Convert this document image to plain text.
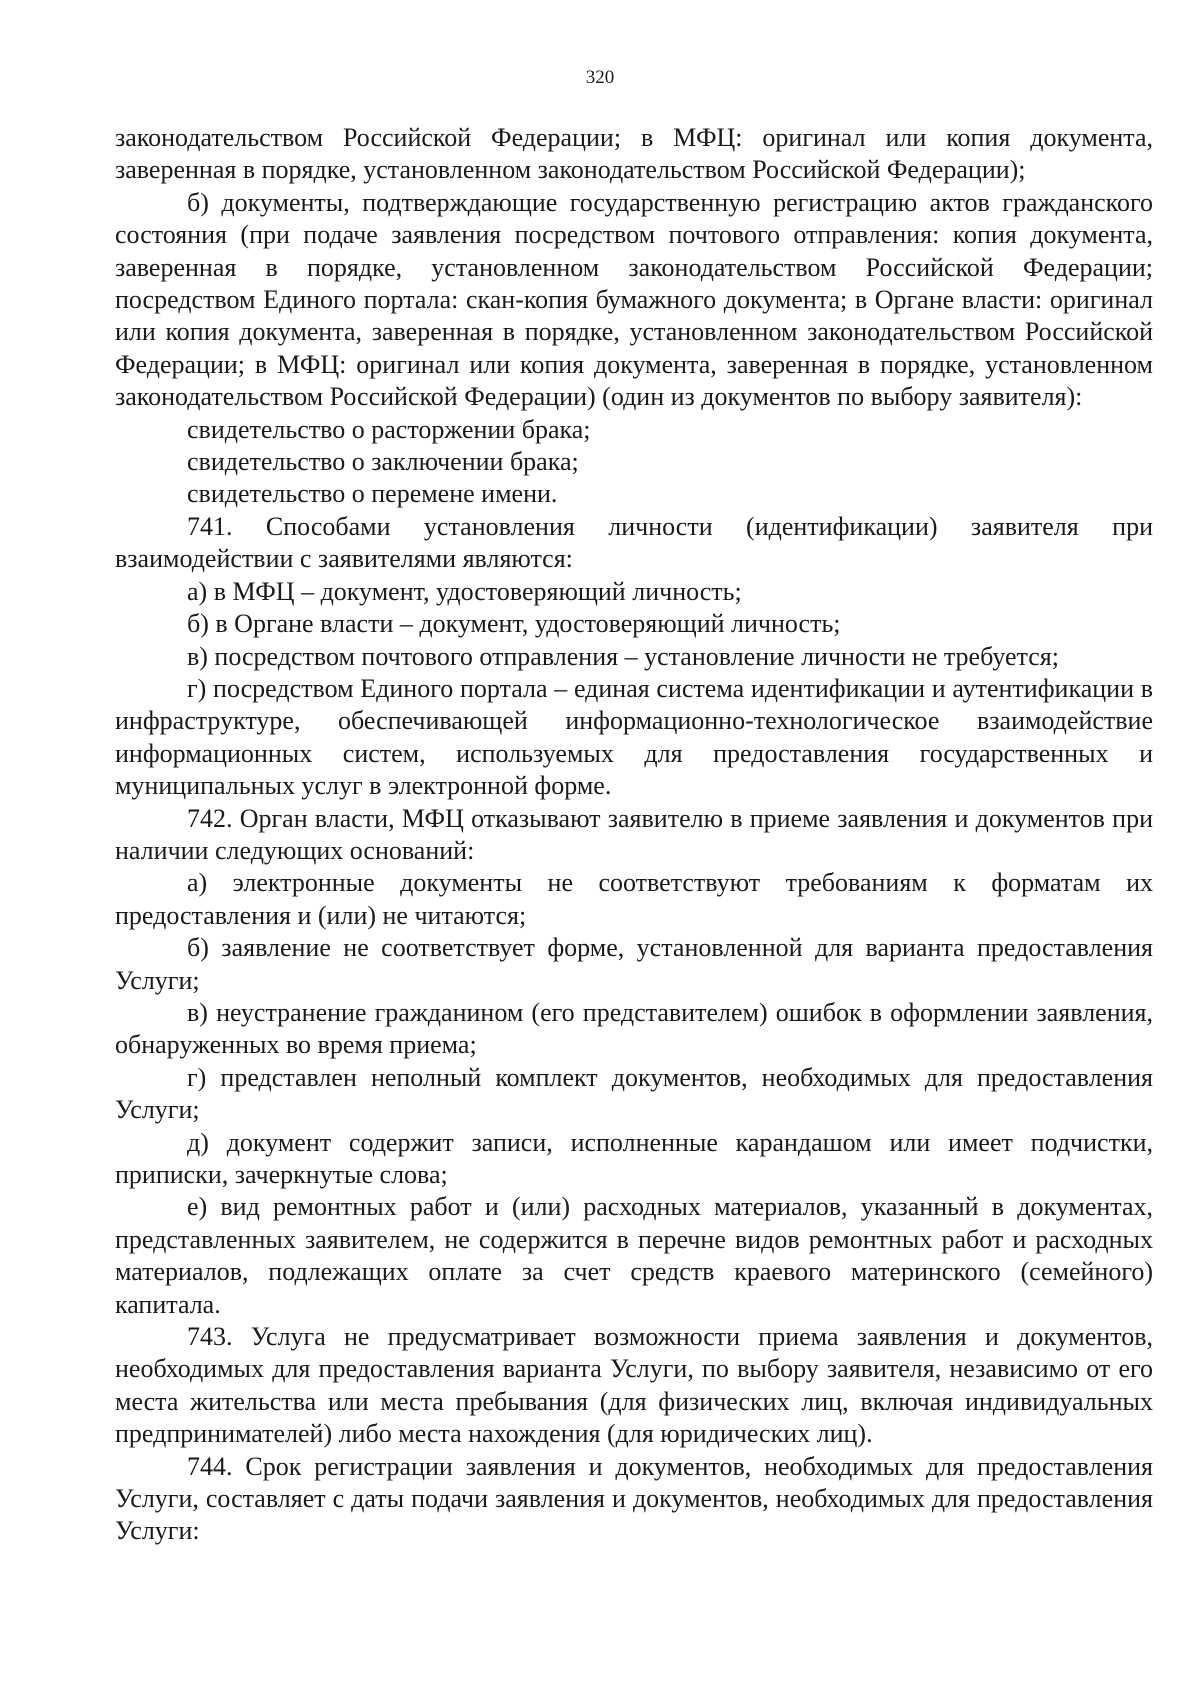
320

законодательством Российской Федерации; в МФЦ: оригинал или копия документа, заверенная в порядке, установленном законодательством Российской Федерации);

б) документы, подтверждающие государственную регистрацию актов гражданского состояния (при подаче заявления посредством почтового отправления: копия документа, заверенная в порядке, установленном законодательством Российской Федерации; посредством Единого портала: скан-копия бумажного документа; в Органе власти: оригинал или копия документа, заверенная в порядке, установленном законодательством Российской Федерации; в МФЦ: оригинал или копия документа, заверенная в порядке, установленном законодательством Российской Федерации) (один из документов по выбору заявителя):

свидетельство о расторжении брака;

свидетельство о заключении брака;

свидетельство о перемене имени.

741. Способами установления личности (идентификации) заявителя при взаимодействии с заявителями являются:

а) в МФЦ – документ, удостоверяющий личность;

б) в Органе власти – документ, удостоверяющий личность;

в) посредством почтового отправления – установление личности не требуется;

г) посредством Единого портала – единая система идентификации и аутентификации в инфраструктуре, обеспечивающей информационно-технологическое взаимодействие информационных систем, используемых для предоставления государственных и муниципальных услуг в электронной форме.

742. Орган власти, МФЦ отказывают заявителю в приеме заявления и документов при наличии следующих оснований:

а) электронные документы не соответствуют требованиям к форматам их предоставления и (или) не читаются;

б) заявление не соответствует форме, установленной для варианта предоставления Услуги;

в) неустранение гражданином (его представителем) ошибок в оформлении заявления, обнаруженных во время приема;

г) представлен неполный комплект документов, необходимых для предоставления Услуги;

д) документ содержит записи, исполненные карандашом или имеет подчистки, приписки, зачеркнутые слова;

е) вид ремонтных работ и (или) расходных материалов, указанный в документах, представленных заявителем, не содержится в перечне видов ремонтных работ и расходных материалов, подлежащих оплате за счет средств краевого материнского (семейного) капитала.

743. Услуга не предусматривает возможности приема заявления и документов, необходимых для предоставления варианта Услуги, по выбору заявителя, независимо от его места жительства или места пребывания (для физических лиц, включая индивидуальных предпринимателей) либо места нахождения (для юридических лиц).

744. Срок регистрации заявления и документов, необходимых для предоставления Услуги, составляет с даты подачи заявления и документов, необходимых для предоставления Услуги:
